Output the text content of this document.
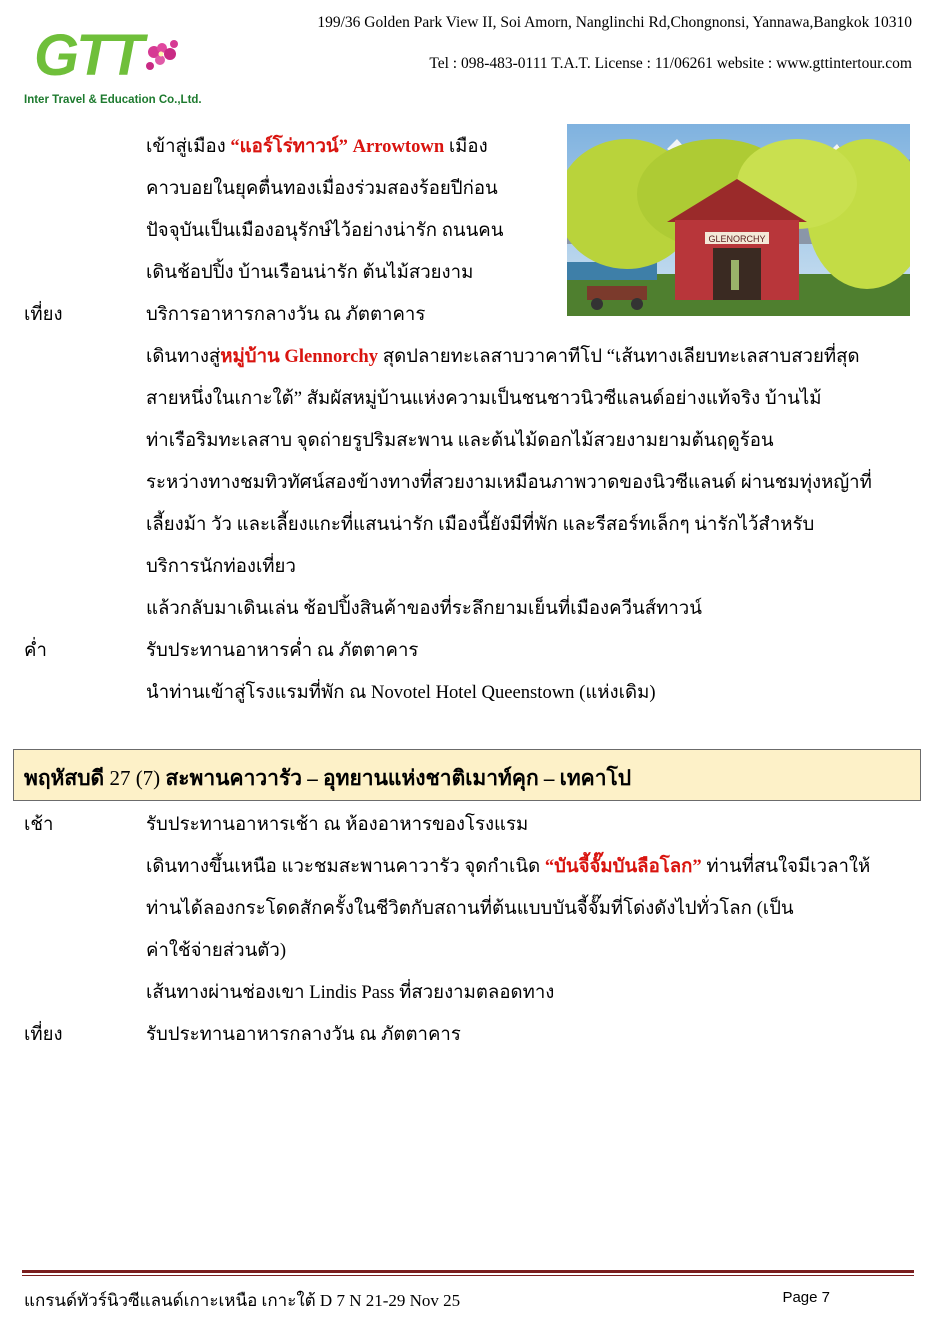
GTT
Inter Travel & Education Co.,Ltd.
199/36 Golden Park View II, Soi Amorn, Nanglinchi Rd,Chongnonsi, Yannawa,Bangkok 10310
Tel : 098-483-0111 T.A.T. License : 11/06261 website : www.gttintertour.com
GLENORCHY
เข้าสู่เมือง “แอร์โร่ทาวน์” Arrowtown เมือง
คาวบอยในยุคตื่นทองเมื่องร่วมสองร้อยปีก่อน
ปัจจุบันเป็นเมืองอนุรักษ์ไว้อย่างน่ารัก ถนนคน
เดินช้อปปิ้ง บ้านเรือนน่ารัก ต้นไม้สวยงาม
เที่ยง	บริการอาหารกลางวัน ณ ภัตตาคาร
เดินทางสู่หมู่บ้าน Glennorchy สุดปลายทะเลสาบวาคาทีโป “เส้นทางเลียบทะเลสาบสวยที่สุด
สายหนึ่งในเกาะใต้” สัมผัสหมู่บ้านแห่งความเป็นชนชาวนิวซีแลนด์อย่างแท้จริง บ้านไม้
ท่าเรือริมทะเลสาบ จุดถ่ายรูปริมสะพาน และต้นไม้ดอกไม้สวยงามยามต้นฤดูร้อน
ระหว่างทางชมทิวทัศน์สองข้างทางที่สวยงามเหมือนภาพวาดของนิวซีแลนด์ ผ่านชมทุ่งหญ้าที่
เลี้ยงม้า วัว และเลี้ยงแกะที่แสนน่ารัก เมืองนี้ยังมีที่พัก และรีสอร์ทเล็กๆ น่ารักไว้สำหรับ
บริการนักท่องเที่ยว
แล้วกลับมาเดินเล่น ช้อปปิ้งสินค้าของที่ระลึกยามเย็นที่เมืองควีนส์ทาวน์
ค่ำ	รับประทานอาหารค่ำ ณ ภัตตาคาร
นำท่านเข้าสู่โรงแรมที่พัก ณ Novotel Hotel Queenstown (แห่งเดิม)
พฤหัสบดี 27 (7) สะพานคาวารัว – อุทยานแห่งชาติเมาท์คุก – เทคาโป
เช้า	รับประทานอาหารเช้า ณ ห้องอาหารของโรงแรม
เดินทางขึ้นเหนือ แวะชมสะพานคาวารัว จุดกำเนิด “บันจี้จั๊มบันลือโลก” ท่านที่สนใจมีเวลาให้
ท่านได้ลองกระโดดสักครั้งในชีวิตกับสถานที่ต้นแบบบันจี้จั๊มที่โด่งดังไปทั่วโลก (เป็น
ค่าใช้จ่ายส่วนตัว)
เส้นทางผ่านช่องเขา Lindis Pass ที่สวยงามตลอดทาง
เที่ยง	รับประทานอาหารกลางวัน ณ ภัตตาคาร
แกรนด์ทัวร์นิวซีแลนด์เกาะเหนือ เกาะใต้ D 7 N 21-29 Nov 25	Page 7
